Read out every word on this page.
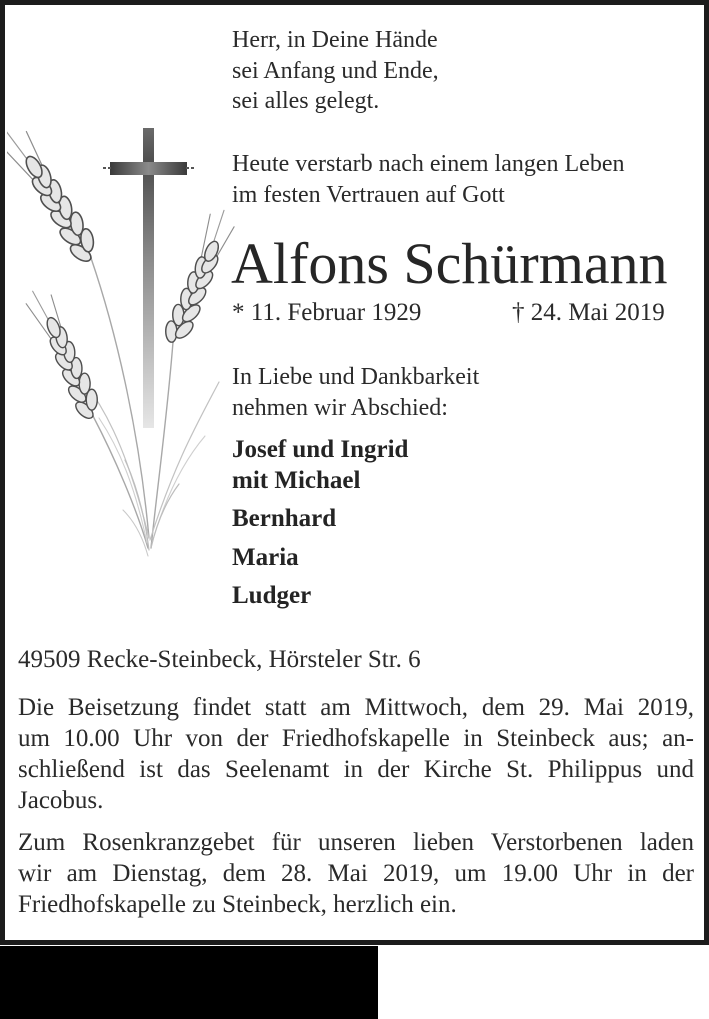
Herr, in Deine Hände
sei Anfang und Ende,
sei alles gelegt.
Heute verstarb nach einem langen Leben
im festen Vertrauen auf Gott
Alfons Schürmann
* 11. Februar 1929	† 24. Mai 2019
In Liebe und Dankbarkeit
nehmen wir Abschied:
Josef und Ingrid
mit Michael
Bernhard
Maria
Ludger
49509 Recke-Steinbeck, Hörsteler Str. 6
Die Beisetzung findet statt am Mittwoch, dem 29. Mai 2019,
um 10.00 Uhr von der Friedhofskapelle in Steinbeck aus; an-
schließend ist das Seelenamt in der Kirche St. Philippus und
Jacobus.
Zum Rosenkranzgebet für unseren lieben Verstorbenen laden
wir am Dienstag, dem 28. Mai 2019, um 19.00 Uhr in der
Friedhofskapelle zu Steinbeck, herzlich ein.
